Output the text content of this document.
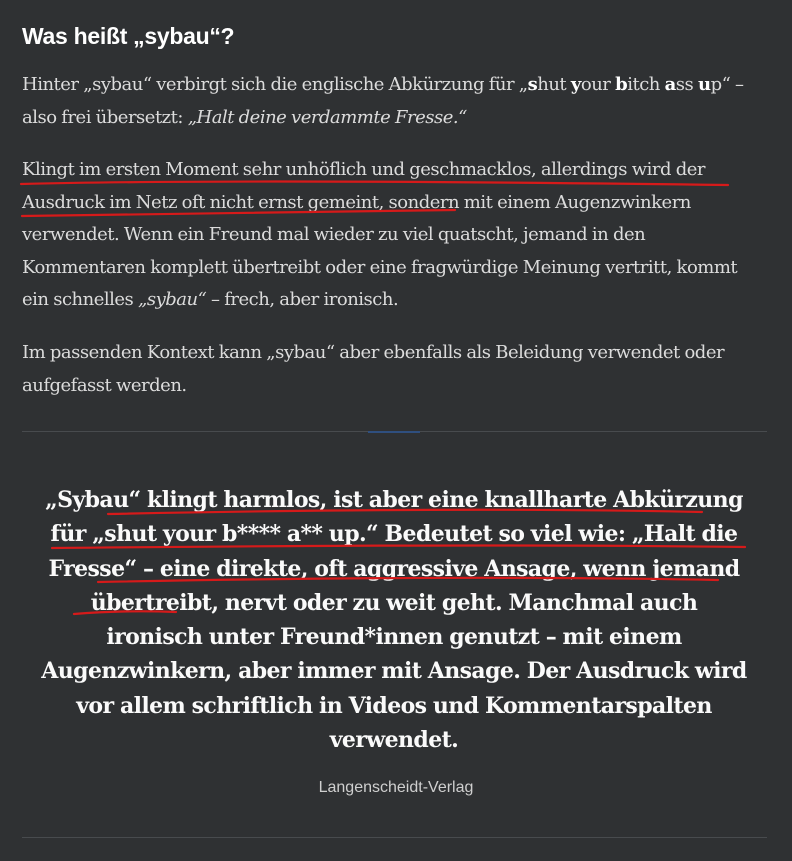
Was heißt „sybau“?

Hinter „sybau“ verbirgt sich die englische Abkürzung für „shut your bitch ass up“ – also frei übersetzt: „Halt deine verdammte Fresse.“

Klingt im ersten Moment sehr unhöflich und geschmacklos, allerdings wird der Ausdruck im Netz oft nicht ernst gemeint, sondern mit einem Augenzwinkern verwendet. Wenn ein Freund mal wieder zu viel quatscht, jemand in den Kommentaren komplett übertreibt oder eine fragwürdige Meinung vertritt, kommt ein schnelles „sybau“ – frech, aber ironisch.

Im passenden Kontext kann „sybau“ aber ebenfalls als Beleidung verwendet oder aufgefasst werden.

„Sybau“ klingt harmlos, ist aber eine knallharte Abkürzung für „shut your b**** a** up.“ Bedeutet so viel wie: „Halt die Fresse“ – eine direkte, oft aggressive Ansage, wenn jemand übertreibt, nervt oder zu weit geht. Manchmal auch ironisch unter Freund*innen genutzt – mit einem Augenzwinkern, aber immer mit Ansage. Der Ausdruck wird vor allem schriftlich in Videos und Kommentarspalten verwendet.
Langenscheidt-Verlag
